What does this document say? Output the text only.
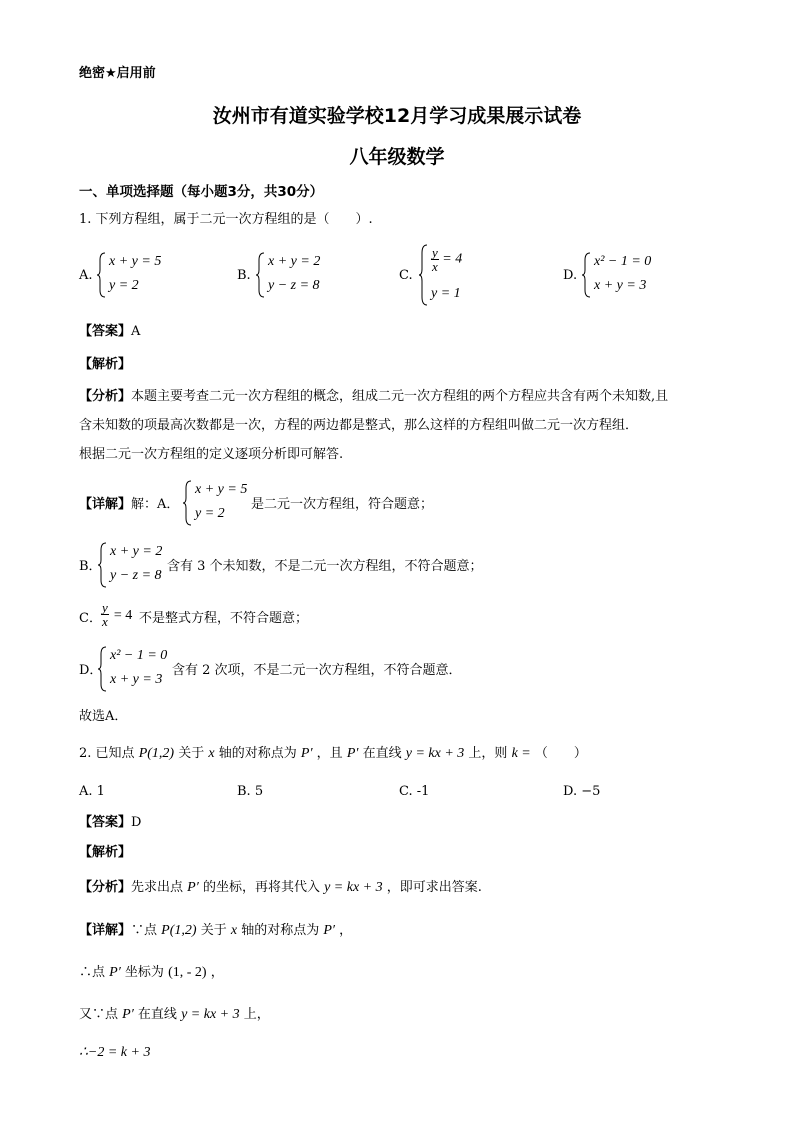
绝密★启用前
汝州市有道实验学校12月学习成果展示试卷
八年级数学
一、单项选择题（每小题3分，共30分）
1. 下列方程组，属于二元一次方程组的是（　　）.
A.
x + y = 5
y = 2
B.
x + y = 2
y − z = 8
C.
$\frac{y}{x} = 4$
y = 1
D.
x² − 1 = 0
x + y = 3
【答案】A
【解析】
【分析】本题主要考查二元一次方程组的概念，组成二元一次方程组的两个方程应共含有两个未知数,且
含未知数的项最高次数都是一次，方程的两边都是整式，那么这样的方程组叫做二元一次方程组．
根据二元一次方程组的定义逐项分析即可解答.
【详解】解：A．
x + y = 5
y = 2
是二元一次方程组，符合题意；
B．
x + y = 2
y − z = 8
含有 3 个未知数，不是二元一次方程组，不符合题意；
C． $\frac{y}{x} = 4$ 不是整式方程，不符合题意；
D．
x² − 1 = 0
x + y = 3
含有 2 次项，不是二元一次方程组，不符合题意．
故选A．
2. 已知点 P(1,2) 关于 x 轴的对称点为 P′ ，且 P′ 在直线 y = kx + 3 上，则 k = （　　）
A. 1	B. 5	C. -1	D. −5
【答案】D
【解析】
【分析】先求出点 P′ 的坐标，再将其代入 y = kx + 3 ，即可求出答案.
【详解】∵点 P(1,2) 关于 x 轴的对称点为 P′ ，
∴点 P′ 坐标为 (1, - 2) ，
又∵点 P′ 在直线 y = kx + 3 上，
∴−2 = k + 3
